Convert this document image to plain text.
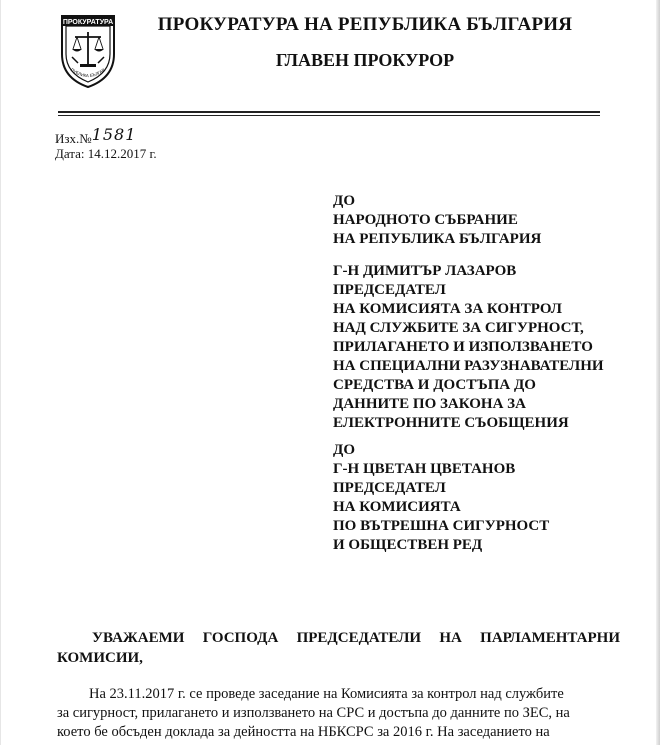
ПРОКУРАТУРА
ПУБЛИКА БЪЛГАР
ПРОКУРАТУРА НА РЕПУБЛИКА БЪЛГАРИЯ
ГЛАВЕН ПРОКУРОР
Изх.№1581
Дата: 14.12.2017 г.
ДО
НАРОДНОТО СЪБРАНИЕ
НА РЕПУБЛИКА БЪЛГАРИЯ
Г-Н ДИМИТЪР ЛАЗАРОВ
ПРЕДСЕДАТЕЛ
НА КОМИСИЯТА ЗА КОНТРОЛ
НАД СЛУЖБИТЕ ЗА СИГУРНОСТ,
ПРИЛАГАНЕТО И ИЗПОЛЗВАНЕТО
НА СПЕЦИАЛНИ РАЗУЗНАВАТЕЛНИ
СРЕДСТВА И ДОСТЪПА ДО
ДАННИТЕ ПО ЗАКОНА ЗА
ЕЛЕКТРОННИТЕ СЪОБЩЕНИЯ
ДО
Г-Н ЦВЕТАН ЦВЕТАНОВ
ПРЕДСЕДАТЕЛ
НА КОМИСИЯТА
ПО ВЪТРЕШНА СИГУРНОСТ
И ОБЩЕСТВЕН РЕД
УВАЖАЕМИ ГОСПОДА ПРЕДСЕДАТЕЛИ НА ПАРЛАМЕНТАРНИ
КОМИСИИ,
На 23.11.2017 г. се проведе заседание на Комисията за контрол над службите
за сигурност, прилагането и използването на СРС и достъпа до данните по ЗЕС, на
което бе обсъден доклада за дейността на НБКСРС за 2016 г. На заседанието на
